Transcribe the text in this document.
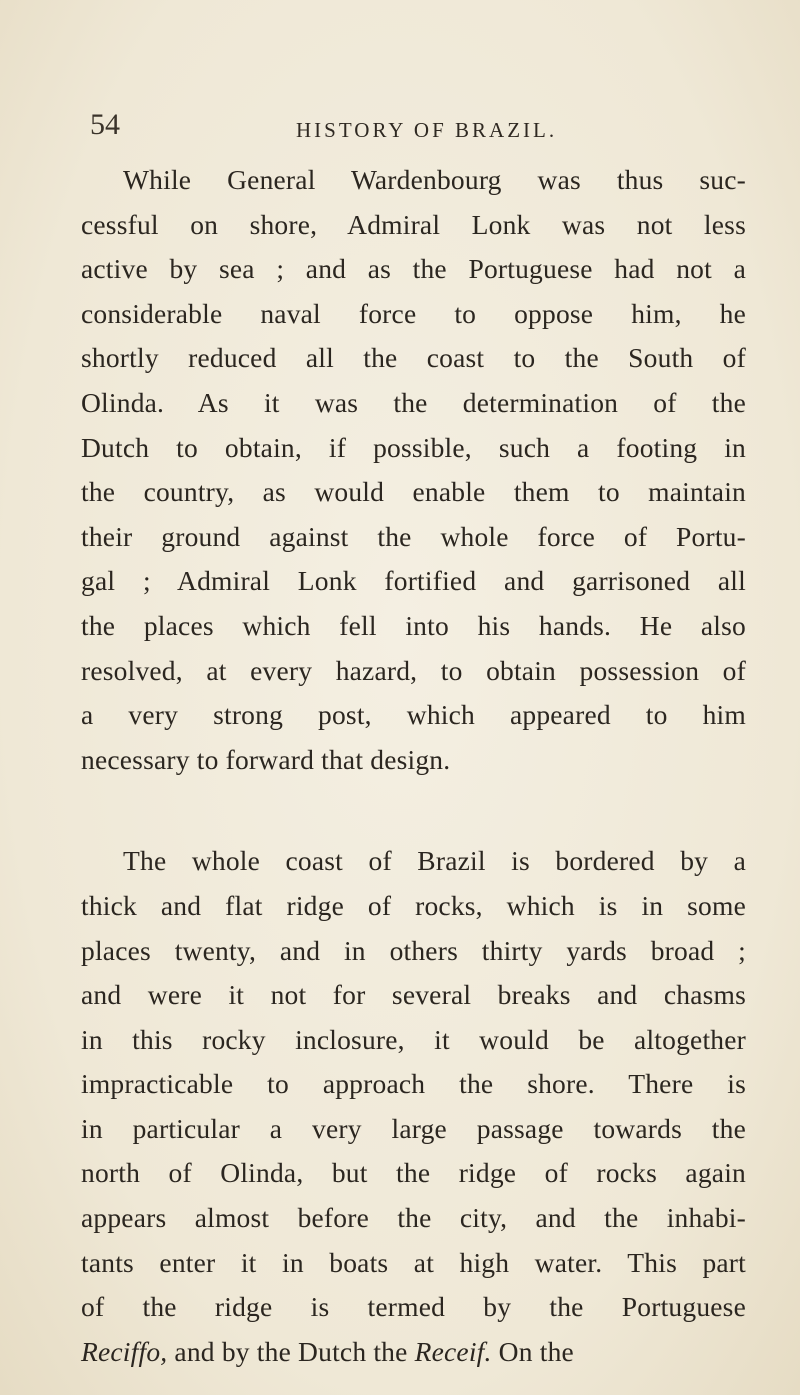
54	HISTORY OF BRAZIL.
While General Wardenbourg was thus suc-
cessful on shore, Admiral Lonk was not less
active by sea ; and as the Portuguese had not a
considerable naval force to oppose him, he
shortly reduced all the coast to the South of
Olinda. As it was the determination of the
Dutch to obtain, if possible, such a footing in
the country, as would enable them to maintain
their ground against the whole force of Portu-
gal ; Admiral Lonk fortified and garrisoned all
the places which fell into his hands. He also
resolved, at every hazard, to obtain possession of
a very strong post, which appeared to him
necessary to forward that design.
The whole coast of Brazil is bordered by a
thick and flat ridge of rocks, which is in some
places twenty, and in others thirty yards broad ;
and were it not for several breaks and chasms
in this rocky inclosure, it would be altogether
impracticable to approach the shore. There is
in particular a very large passage towards the
north of Olinda, but the ridge of rocks again
appears almost before the city, and the inhabi-
tants enter it in boats at high water. This part
of the ridge is termed by the Portuguese
Reciffo, and by the Dutch the Receif. On the
